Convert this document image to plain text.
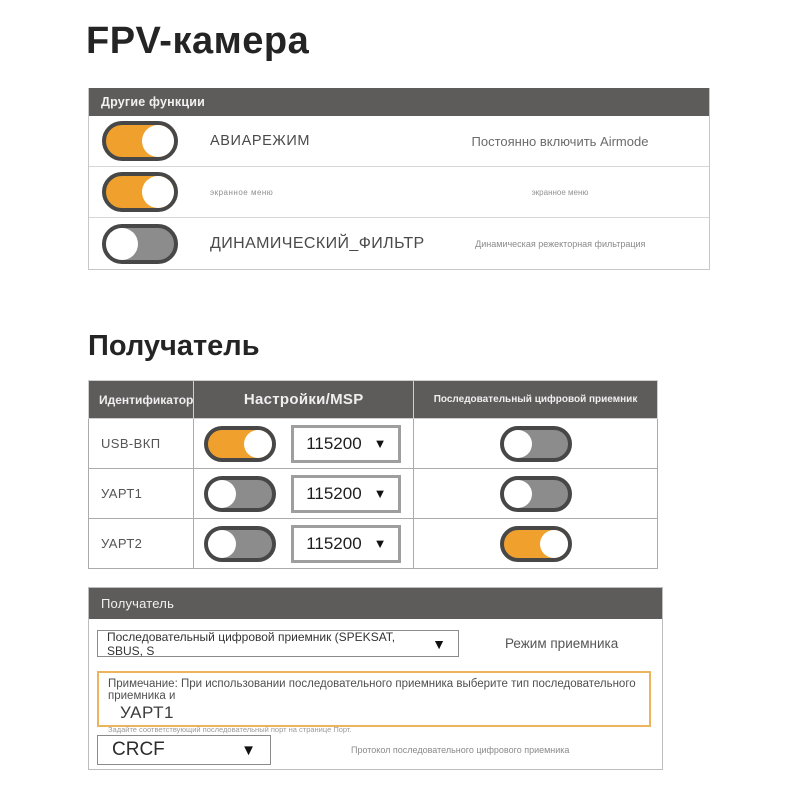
FPV-камера
Другие функции
АВИАРЕЖИМ	Постоянно включить Airmode
экранное меню	экранное меню
ДИНАМИЧЕСКИЙ_ФИЛЬТР	Динамическая режекторная фильтрация
Получатель
Идентификатор	Настройки/MSP	Последовательный цифровой приемник
USB-ВКП	115200 ▼	

УАРТ1	115200 ▼	

УАРТ2	115200 ▼	

Получатель
Последовательный цифровой приемник (SPEKSAT, SBUS, S	▼	Режим приемника
Примечание: При использовании последовательного приемника выберите тип последовательного приемника и
УАРТ1
Задайте соответствующий последовательный порт на странице Порт.
CRCF	▼	Протокол последовательного цифрового приемника
